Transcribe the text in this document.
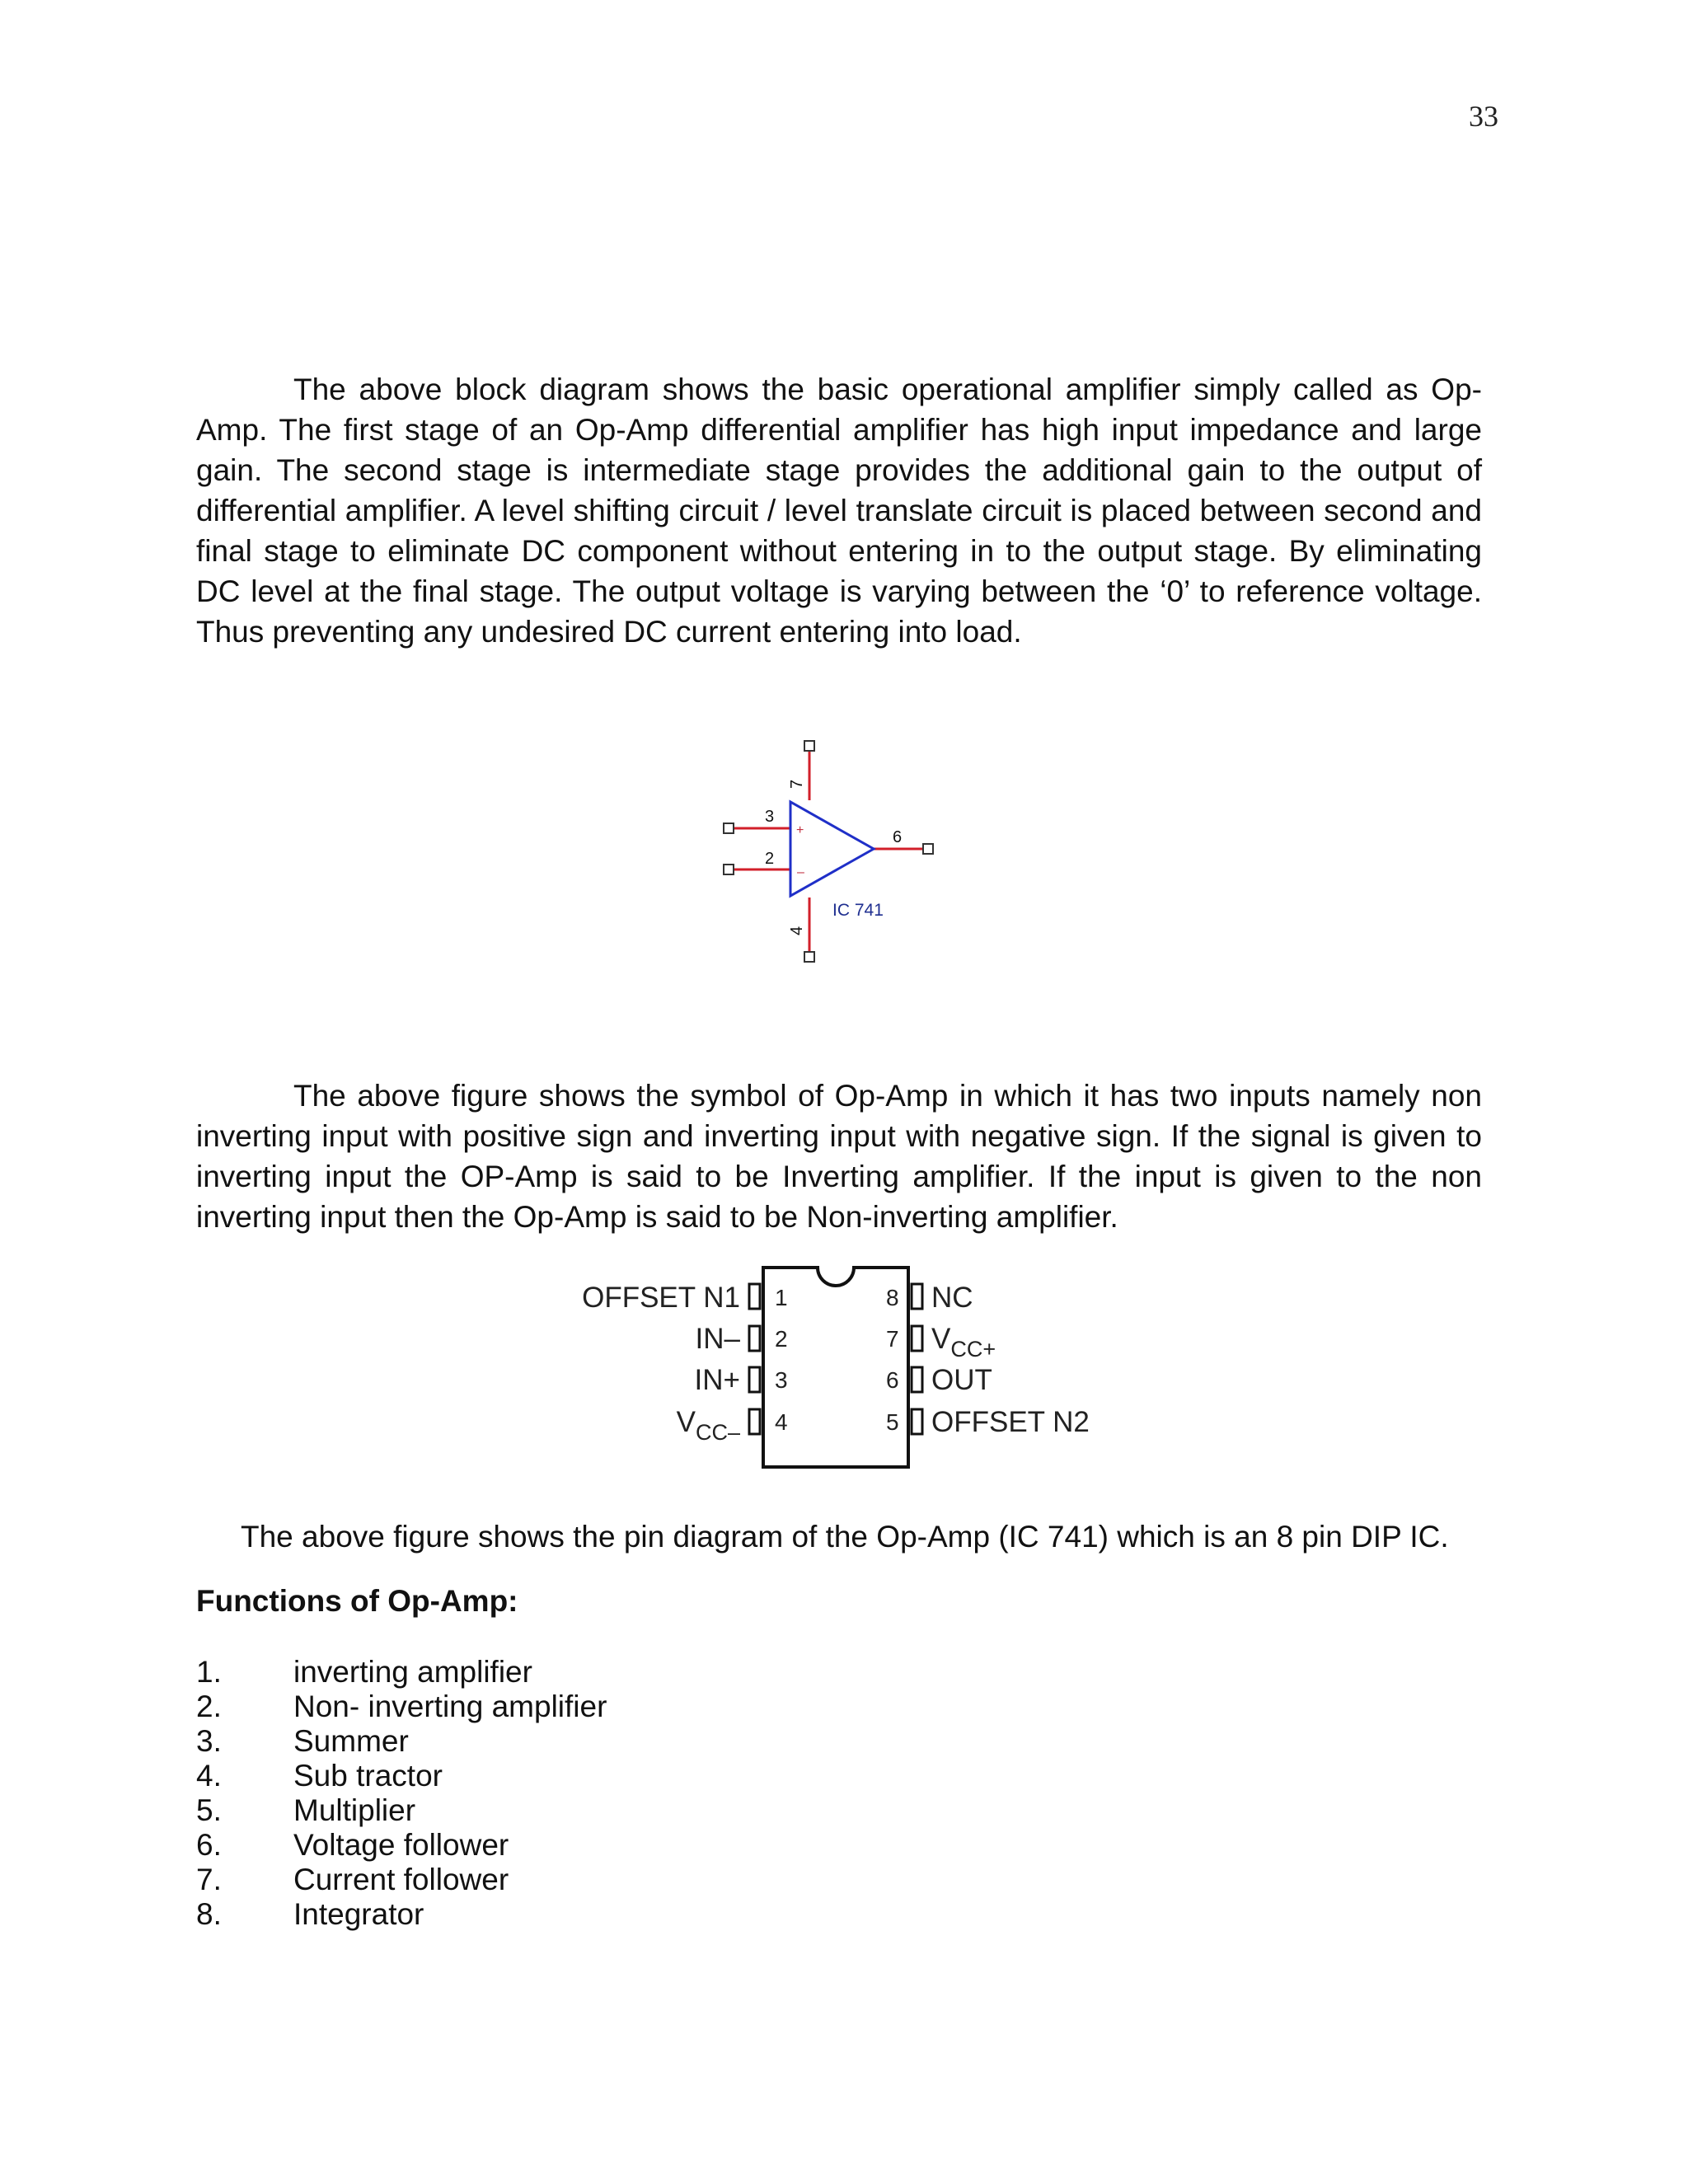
33

The above block diagram shows the basic operational amplifier simply called as Op-Amp. The first stage of an Op-Amp differential amplifier has high input impedance and large gain. The second stage is intermediate stage provides the additional gain to the output of differential amplifier. A level shifting circuit / level translate circuit is placed between second and final stage to eliminate DC component without entering in to the output stage. By eliminating DC level at the final stage. The output voltage is varying between the ‘0’ to reference voltage. Thus preventing any undesired DC current entering into load.

7
3
2
6
4
+
–
IC 741

The above figure shows the symbol of Op-Amp in which it has two inputs namely non inverting input with positive sign and inverting input with negative sign. If the signal is given to inverting input the OP-Amp is said to be Inverting amplifier. If the input is given to the non inverting input then the Op-Amp is said to be Non-inverting amplifier.

1
2
3
4
8
7
6
5
OFFSET N1
IN–
IN+
$V_{CC-}$
NC
$V_{CC+}$
OUT
OFFSET N2

The above figure shows the pin diagram of the Op-Amp (IC 741) which is an 8 pin DIP IC.

Functions of Op-Amp:

1.	inverting amplifier
2.	Non- inverting amplifier
3.	Summer
4.	Sub tractor
5.	Multiplier
6.	Voltage follower
7.	Current follower
8.	Integrator
